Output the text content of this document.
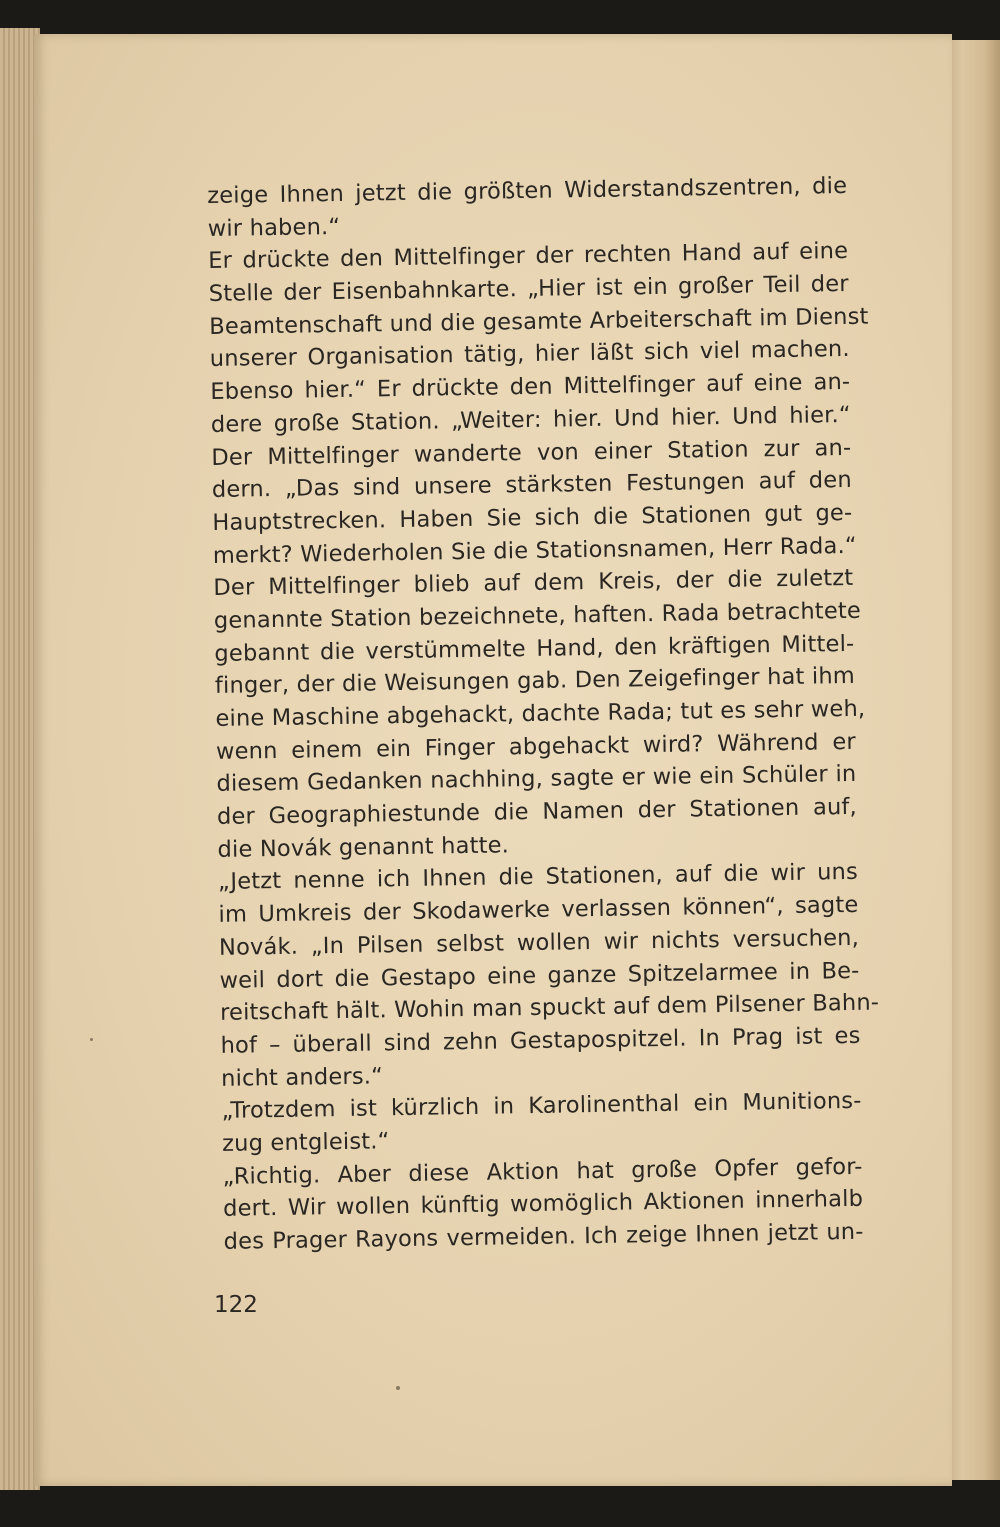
zeige Ihnen jetzt die größten Widerstandszentren, die
wir haben.“
Er drückte den Mittelfinger der rechten Hand auf eine
Stelle der Eisenbahnkarte. „Hier ist ein großer Teil der
Beamtenschaft und die gesamte Arbeiterschaft im Dienst
unserer Organisation tätig, hier läßt sich viel machen.
Ebenso hier.“ Er drückte den Mittelfinger auf eine an-
dere große Station. „Weiter: hier. Und hier. Und hier.“
Der Mittelfinger wanderte von einer Station zur an-
dern. „Das sind unsere stärksten Festungen auf den
Hauptstrecken. Haben Sie sich die Stationen gut ge-
merkt? Wiederholen Sie die Stationsnamen, Herr Rada.“
Der Mittelfinger blieb auf dem Kreis, der die zuletzt
genannte Station bezeichnete, haften. Rada betrachtete
gebannt die verstümmelte Hand, den kräftigen Mittel-
finger, der die Weisungen gab. Den Zeigefinger hat ihm
eine Maschine abgehackt, dachte Rada; tut es sehr weh,
wenn einem ein Finger abgehackt wird? Während er
diesem Gedanken nachhing, sagte er wie ein Schüler in
der Geographiestunde die Namen der Stationen auf,
die Novák genannt hatte.
„Jetzt nenne ich Ihnen die Stationen, auf die wir uns
im Umkreis der Skodawerke verlassen können“, sagte
Novák. „In Pilsen selbst wollen wir nichts versuchen,
weil dort die Gestapo eine ganze Spitzelarmee in Be-
reitschaft hält. Wohin man spuckt auf dem Pilsener Bahn-
hof – überall sind zehn Gestapospitzel. In Prag ist es
nicht anders.“
„Trotzdem ist kürzlich in Karolinenthal ein Munitions-
zug entgleist.“
„Richtig. Aber diese Aktion hat große Opfer gefor-
dert. Wir wollen künftig womöglich Aktionen innerhalb
des Prager Rayons vermeiden. Ich zeige Ihnen jetzt un-
122
